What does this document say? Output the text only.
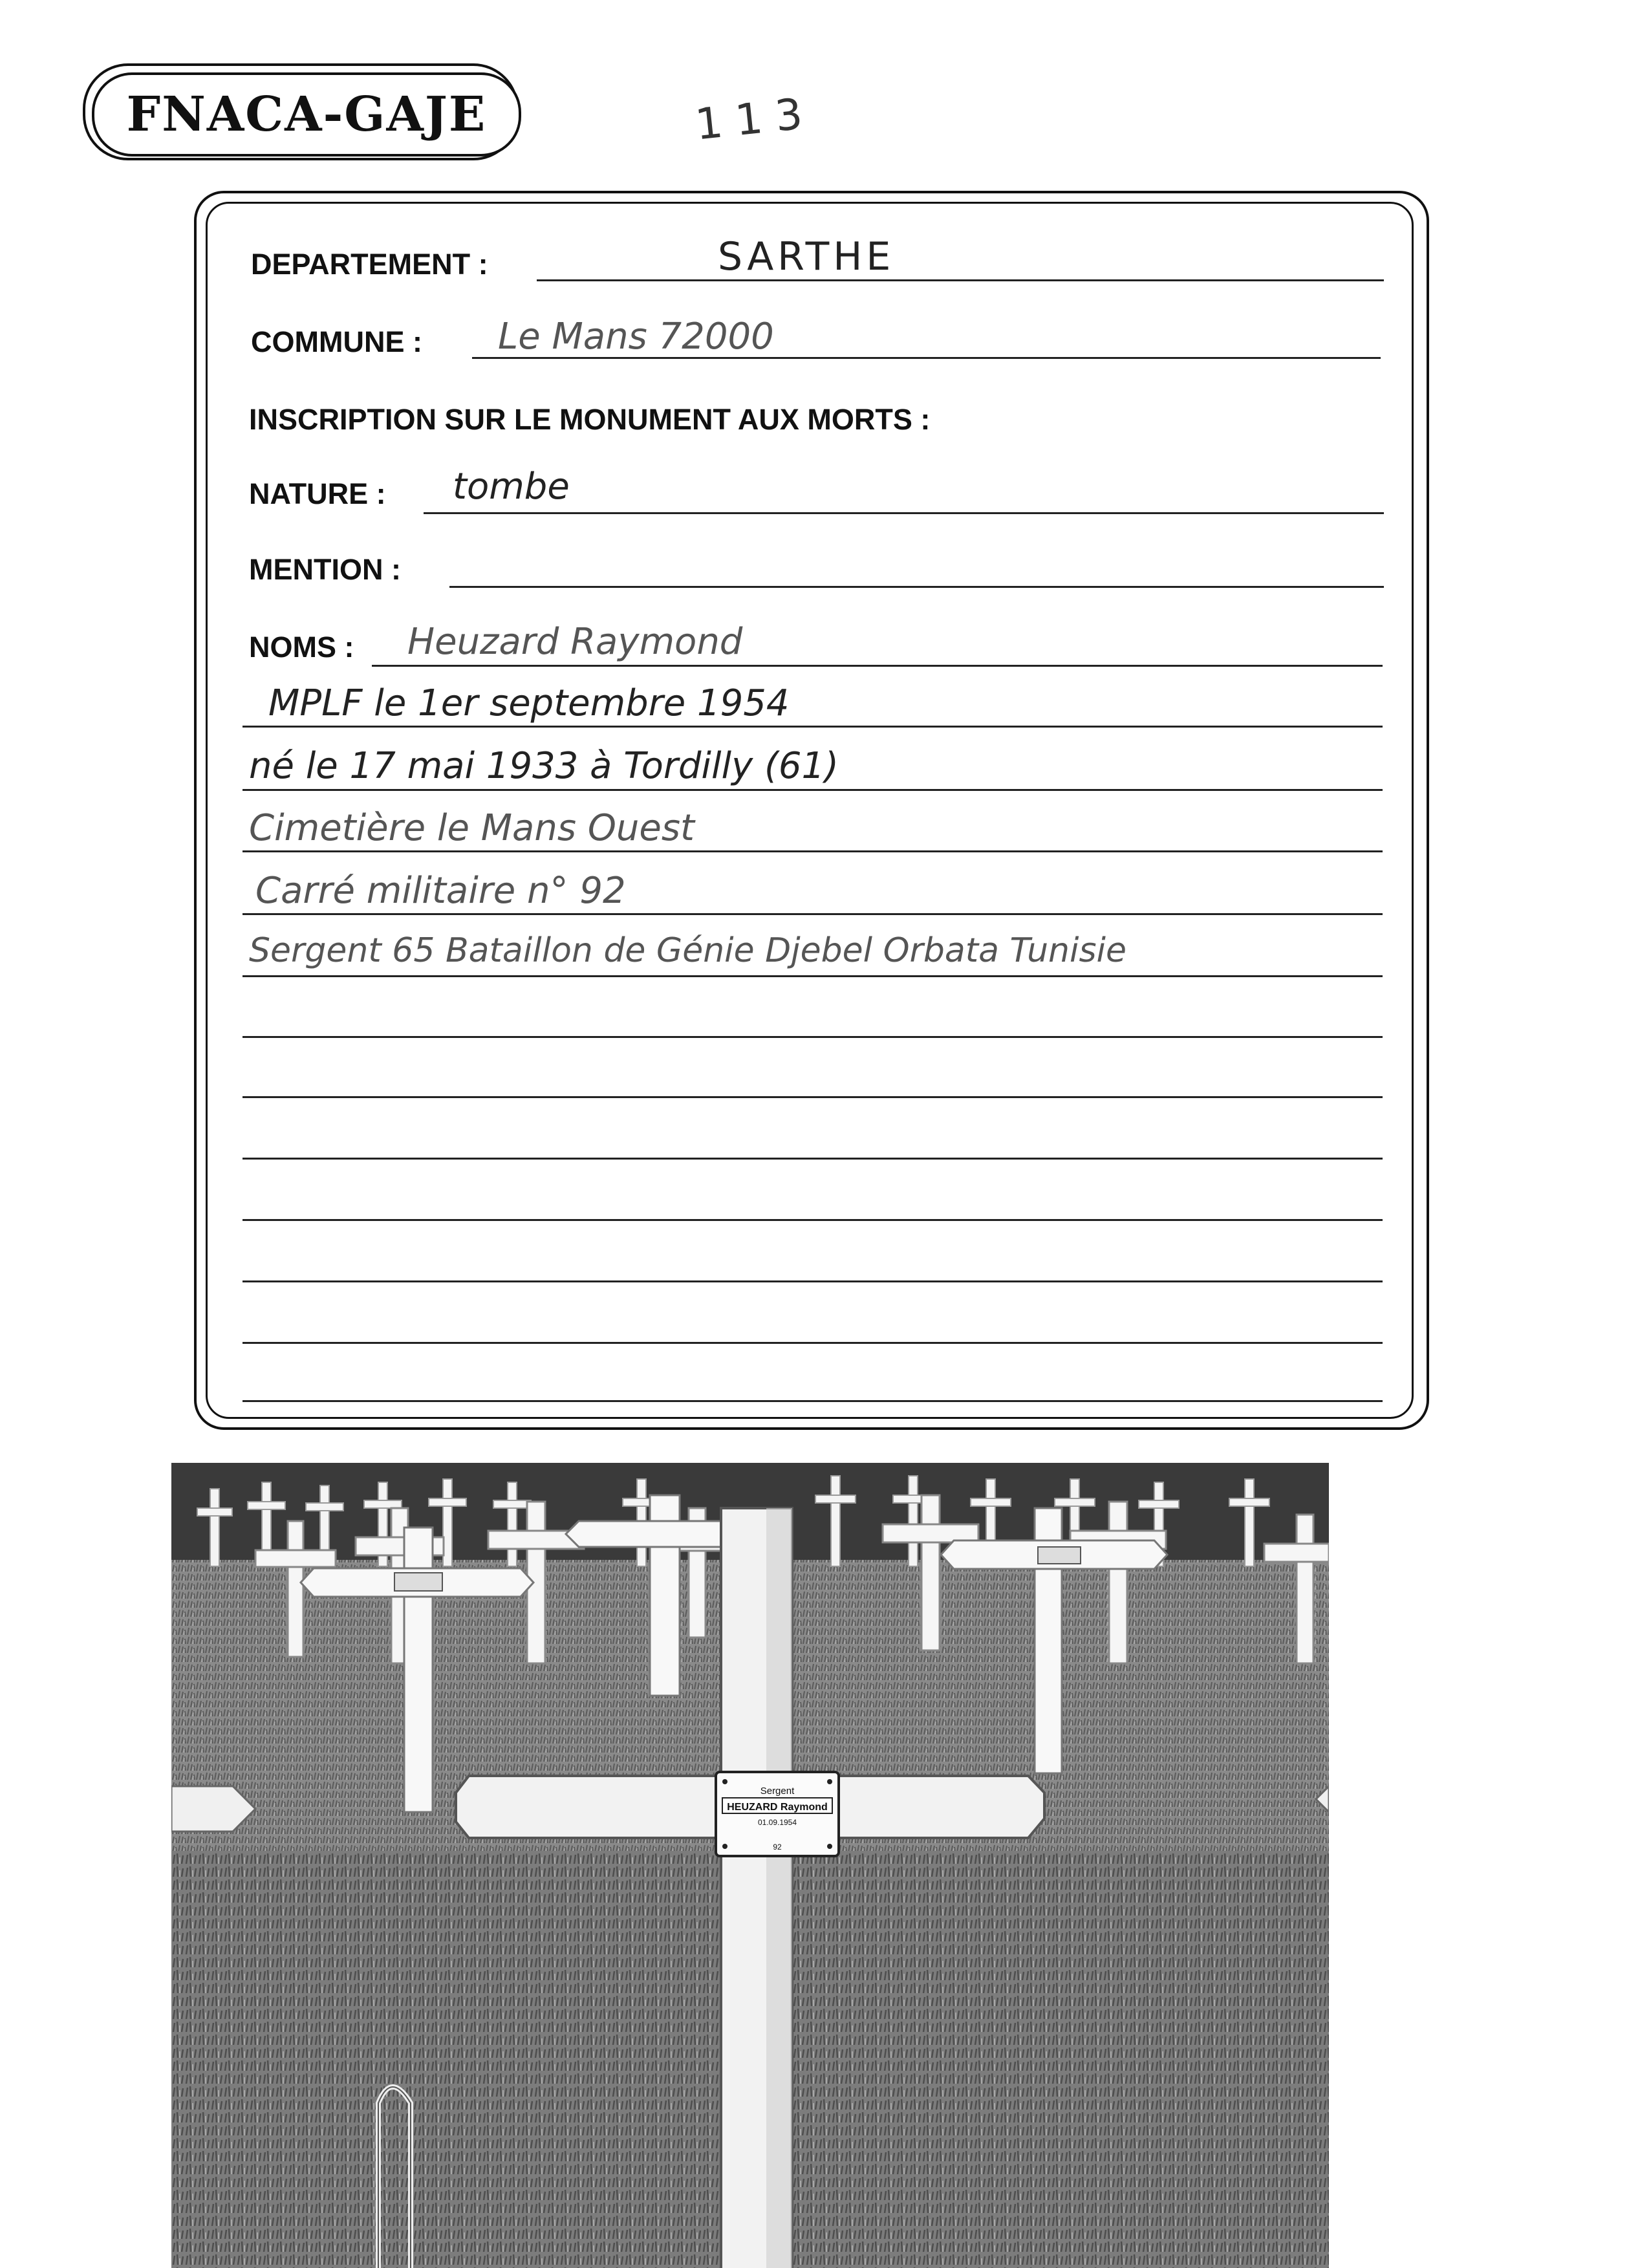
FNACA-GAJE	113
DEPARTEMENT :	SARTHE
COMMUNE : Le Mans 72000
INSCRIPTION SUR LE MONUMENT AUX MORTS :
NATURE : tombe
MENTION :
NOMS : Heuzard Raymond
MPLF le 1er septembre 1954
né le 17 mai 1933 à Tordilly (61)
Cimetière le Mans Ouest
Carré militaire n° 92
Sergent 65 Bataillon de Génie Djebel Orbata Tunisie
Sergent
HEUZARD Raymond
01.09.1954
92
